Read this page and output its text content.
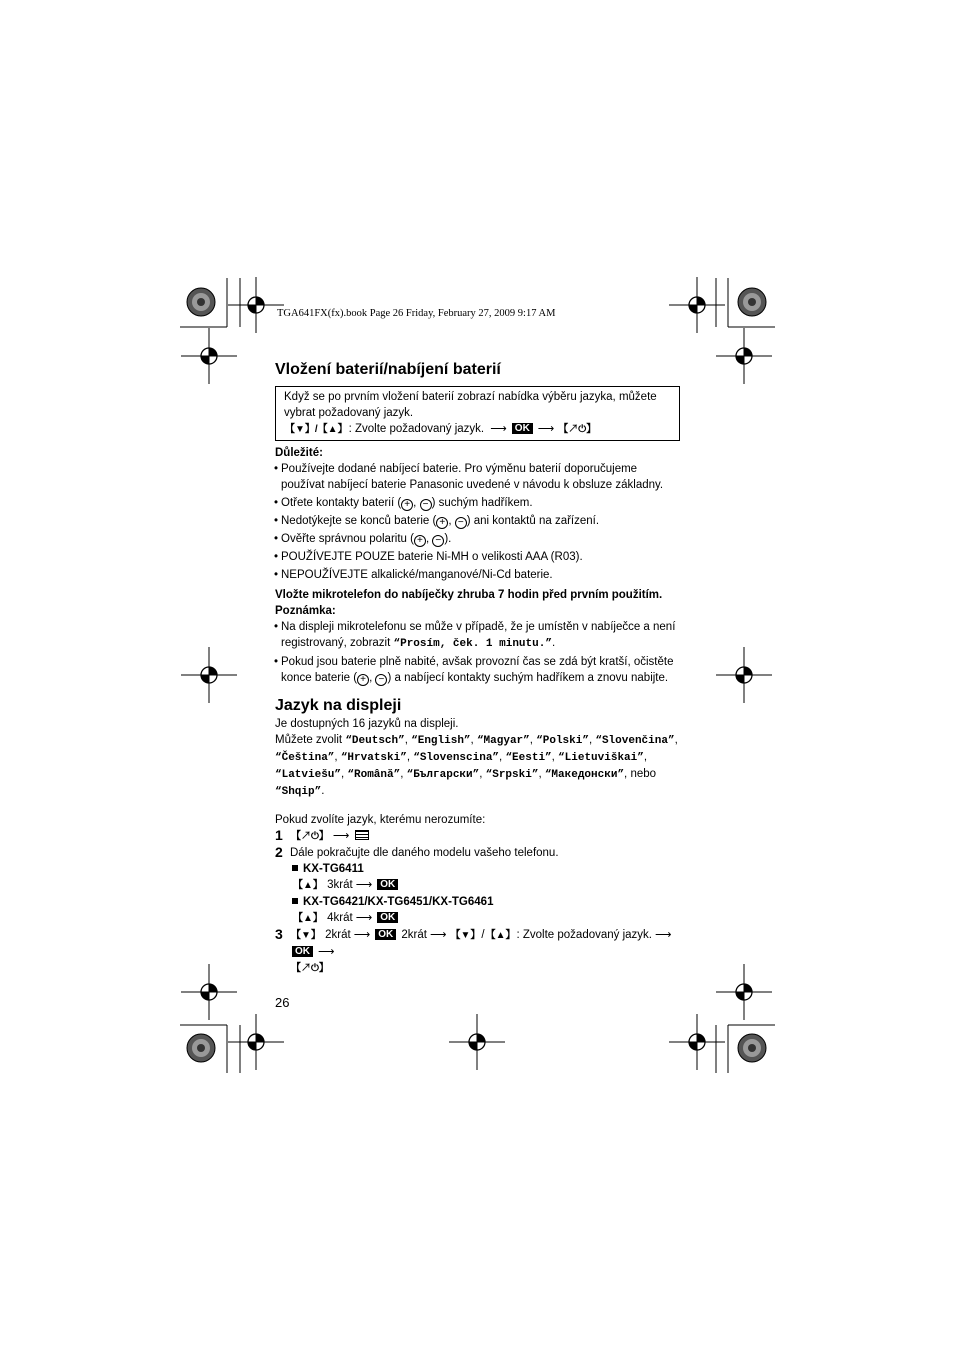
TGA641FX(fx).book Page 26 Friday, February 27, 2009 9:17 AM
Vložení baterií/nabíjení baterií

Když se po prvním vložení baterií zobrazí nabídka výběru jazyka, můžete vybrat požadovaný jazyk.

【▼】/【▲】: Zvolte požadovaný jazyk. ⟶ OK ⟶ 【↗⏻】

Důležité:
• Používejte dodané nabíjecí baterie. Pro výměnu baterií doporučujeme používat nabíjecí baterie Panasonic uvedené v návodu k obsluze základny.
• Otřete kontakty baterií ( + , − ) suchým hadříkem.
• Nedotýkejte se konců baterie ( + , − ) ani kontaktů na zařízení.
• Ověřte správnou polaritu ( + , − ).
• POUŽÍVEJTE POUZE baterie Ni-MH o velikosti AAA (R03).
• NEPOUŽÍVEJTE alkalické/manganové/Ni-Cd baterie.
Vložte mikrotelefon do nabíječky zhruba 7 hodin před prvním použitím.
Poznámka:
• Na displeji mikrotelefonu se může v případě, že je umístěn v nabíječce a není registrovaný, zobrazit “Prosím, ček. 1 minutu.”.
• Pokud jsou baterie plně nabité, avšak provozní čas se zdá být kratší, očistěte konce baterie ( + , − ) a nabíjecí kontakty suchým hadříkem a znovu nabijte.
Jazyk na displeji
Je dostupných 16 jazyků na displeji.
Můžete zvolit “Deutsch”, “English”, “Magyar”, “Polski”, “Slovenčina”, “Čeština”, “Hrvatski”, “Slovenscina”, “Eesti”, “Lietuviškai”, “Latviešu”, “Română”, “Български”, “Srpski”, “Македонски”, nebo “Shqip”.
Pokud zvolíte jazyk, kterému nerozumíte:
1 【↗⏻】 ⟶
2 Dále pokračujte dle daného modelu vašeho telefonu.
KX-TG6411
【▲】 3krát ⟶ OK
KX-TG6421/KX-TG6451/KX-TG6461
【▲】 4krát ⟶ OK
3 【▼】 2krát ⟶ OK 2krát ⟶ 【▼】/【▲】: Zvolte požadovaný jazyk. ⟶OK ⟶
【↗⏻】
26
